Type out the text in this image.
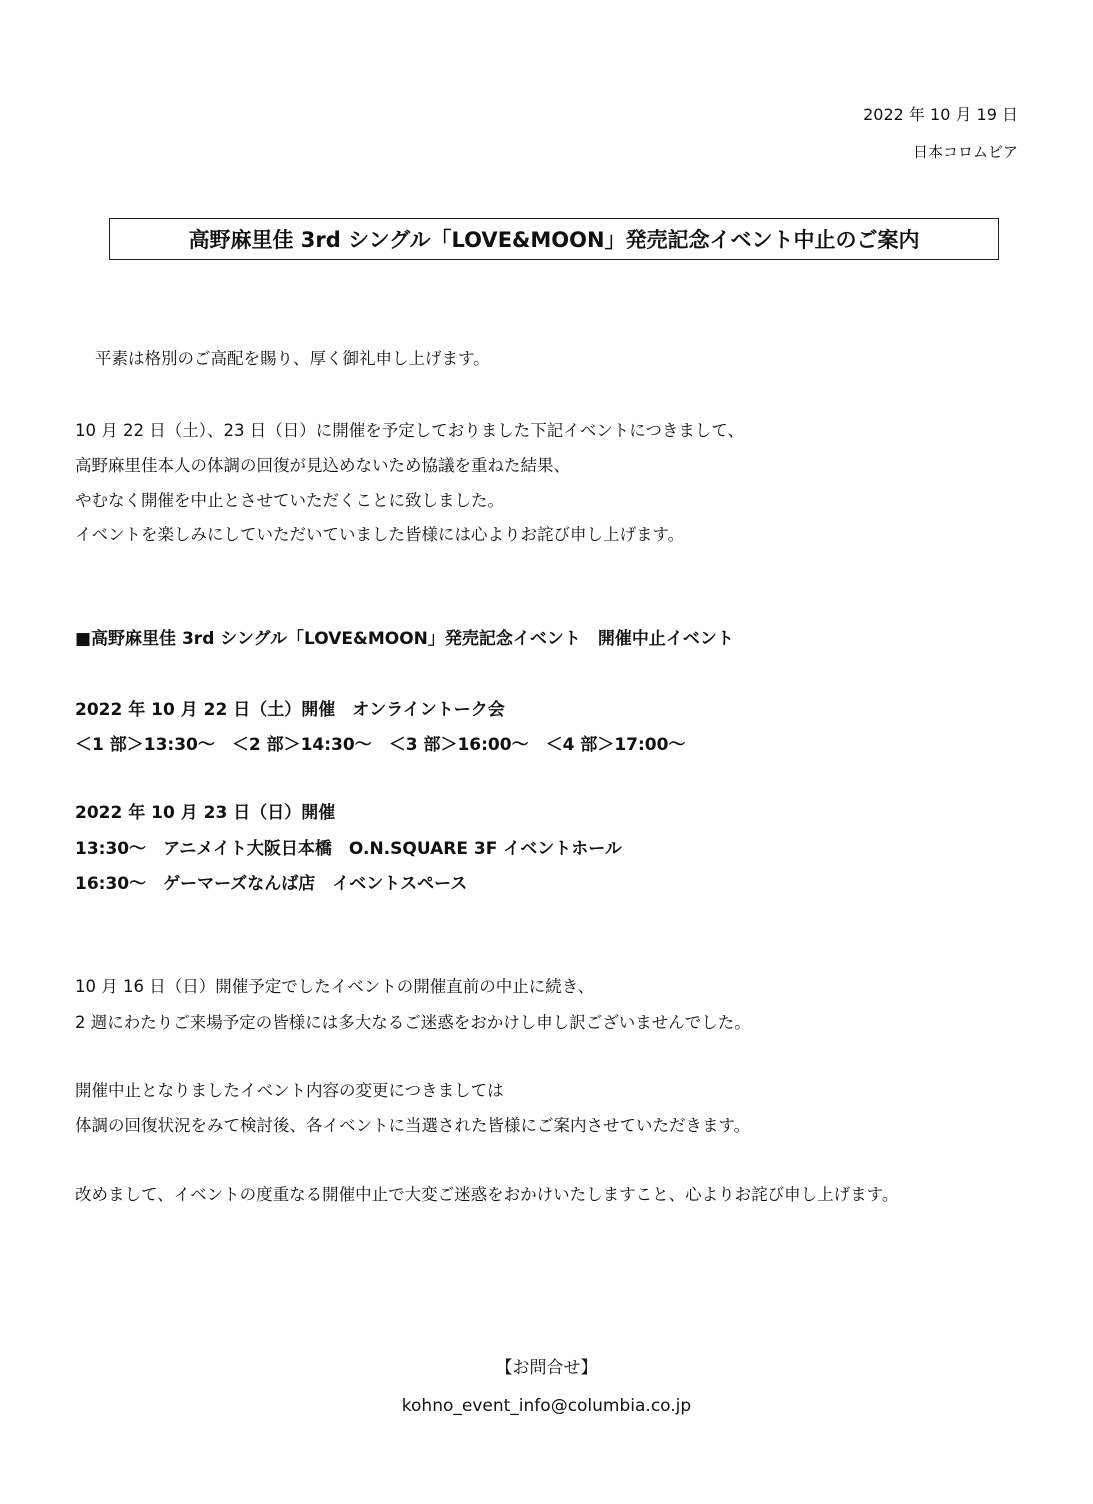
2022 年 10 月 19 日
日本コロムビア
高野麻里佳 3rd シングル「LOVE&MOON」発売記念イベント中止のご案内
平素は格別のご高配を賜り、厚く御礼申し上げます。
10 月 22 日（土）、23 日（日）に開催を予定しておりました下記イベントにつきまして、
高野麻里佳本人の体調の回復が見込めないため協議を重ねた結果、
やむなく開催を中止とさせていただくことに致しました。
イベントを楽しみにしていただいていました皆様には心よりお詫び申し上げます。
■高野麻里佳 3rd シングル「LOVE&MOON」発売記念イベント　開催中止イベント
2022 年 10 月 22 日（土）開催　オンライントーク会
＜1 部＞13:30～　＜2 部＞14:30～　＜3 部＞16:00～　＜4 部＞17:00～
2022 年 10 月 23 日（日）開催
13:30～　アニメイト大阪日本橋　O.N.SQUARE 3F イベントホール
16:30～　ゲーマーズなんば店　イベントスペース
10 月 16 日（日）開催予定でしたイベントの開催直前の中止に続き、
2 週にわたりご来場予定の皆様には多大なるご迷惑をおかけし申し訳ございませんでした。
開催中止となりましたイベント内容の変更につきましては
体調の回復状況をみて検討後、各イベントに当選された皆様にご案内させていただきます。
改めまして、イベントの度重なる開催中止で大変ご迷惑をおかけいたしますこと、心よりお詫び申し上げます。
【お問合せ】
kohno_event_info@columbia.co.jp
